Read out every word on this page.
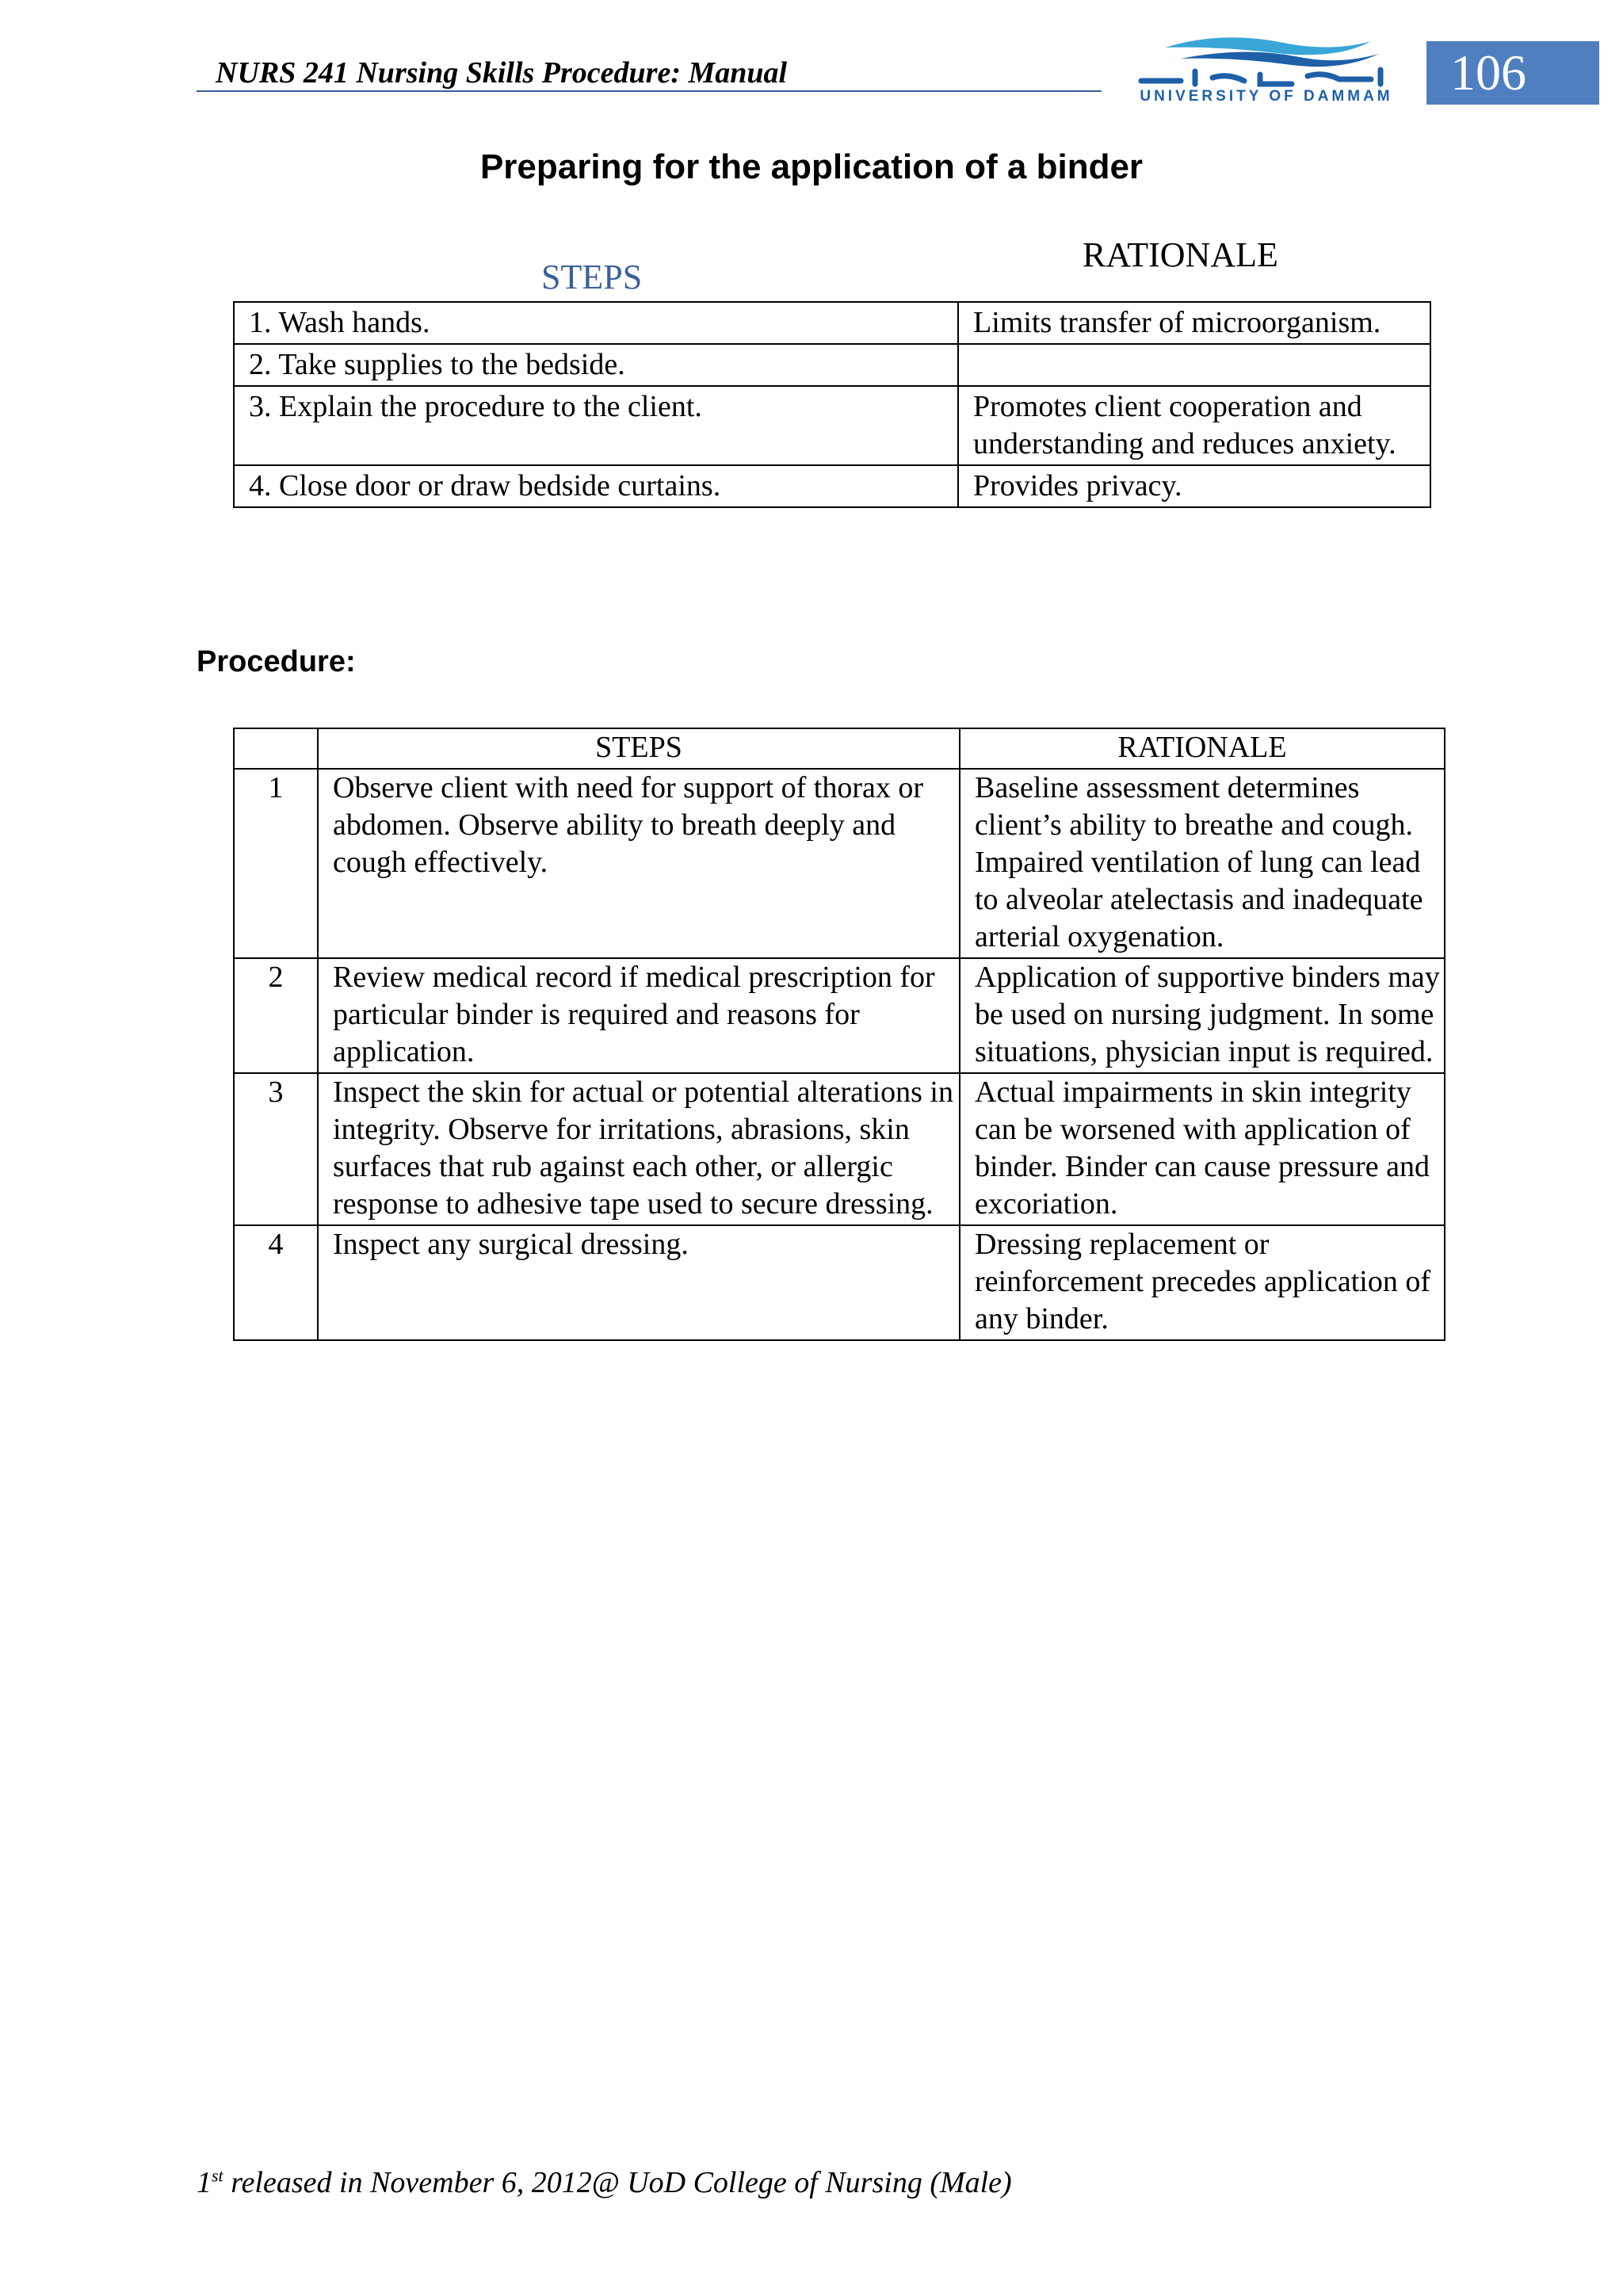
NURS 241 Nursing Skills Procedure: Manual
UNIVERSITY OF DAMMAM	106
Preparing for the application of a binder
STEPS
RATIONALE
1. Wash hands.	Limits transfer of microorganism.
2. Take supplies to the bedside.	
3. Explain the procedure to the client.	Promotes client cooperation and understanding and reduces anxiety.
4. Close door or draw bedside curtains.	Provides privacy.
Procedure:
	STEPS	RATIONALE
1	Observe client with need for support of thorax or abdomen. Observe ability to breath deeply and cough effectively.	Baseline assessment determines client’s ability to breathe and cough. Impaired ventilation of lung can lead to alveolar atelectasis and inadequate arterial oxygenation.
2	Review medical record if medical prescription for particular binder is required and reasons for application.	Application of supportive binders may be used on nursing judgment. In some situations, physician input is required.
3	Inspect the skin for actual or potential alterations in integrity. Observe for irritations, abrasions, skin surfaces that rub against each other, or allergic response to adhesive tape used to secure dressing.	Actual impairments in skin integrity can be worsened with application of binder. Binder can cause pressure and excoriation.
4	Inspect any surgical dressing.	Dressing replacement or reinforcement precedes application of any binder.
1st released in November 6, 2012@ UoD College of Nursing (Male)
